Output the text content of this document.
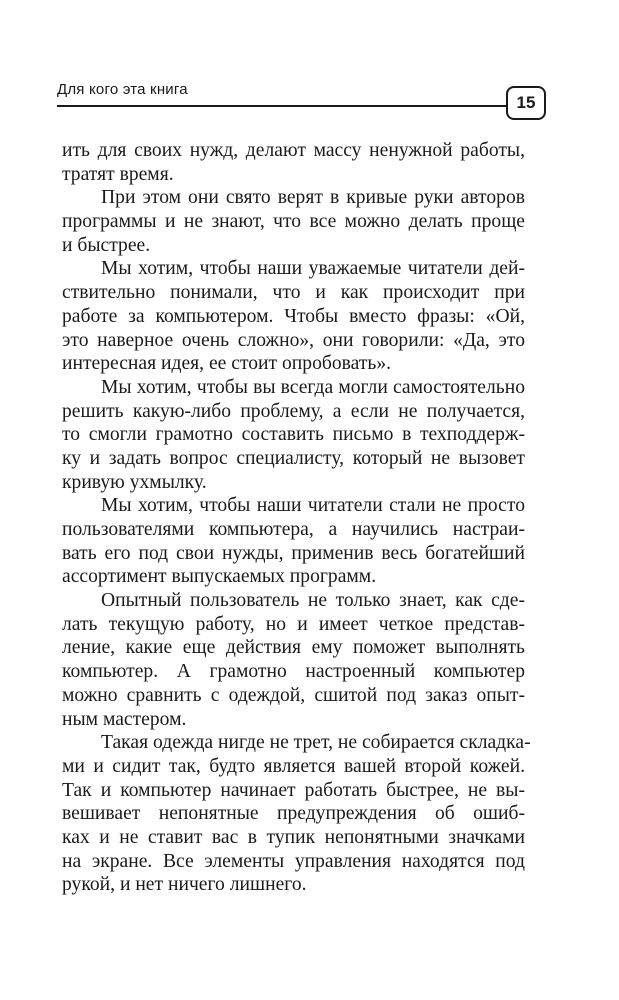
Для кого эта книга
15
ить для своих нужд, делают массу ненужной работы,
тратят время.
При этом они свято верят в кривые руки авторов
программы и не знают, что все можно делать проще
и быстрее.
Мы хотим, чтобы наши уважаемые читатели дей-
ствительно понимали, что и как происходит при
работе за компьютером. Чтобы вместо фразы: «Ой,
это наверное очень сложно», они говорили: «Да, это
интересная идея, ее стоит опробовать».
Мы хотим, чтобы вы всегда могли самостоятельно
решить какую-либо проблему, а если не получается,
то смогли грамотно составить письмо в техподдерж-
ку и задать вопрос специалисту, который не вызовет
кривую ухмылку.
Мы хотим, чтобы наши читатели стали не просто
пользователями компьютера, а научились настраи-
вать его под свои нужды, применив весь богатейший
ассортимент выпускаемых программ.
Опытный пользователь не только знает, как сде-
лать текущую работу, но и имеет четкое представ-
ление, какие еще действия ему поможет выполнять
компьютер. А грамотно настроенный компьютер
можно сравнить с одеждой, сшитой под заказ опыт-
ным мастером.
Такая одежда нигде не трет, не собирается складка-
ми и сидит так, будто является вашей второй кожей.
Так и компьютер начинает работать быстрее, не вы-
вешивает непонятные предупреждения об ошиб-
ках и не ставит вас в тупик непонятными значками
на экране. Все элементы управления находятся под
рукой, и нет ничего лишнего.
